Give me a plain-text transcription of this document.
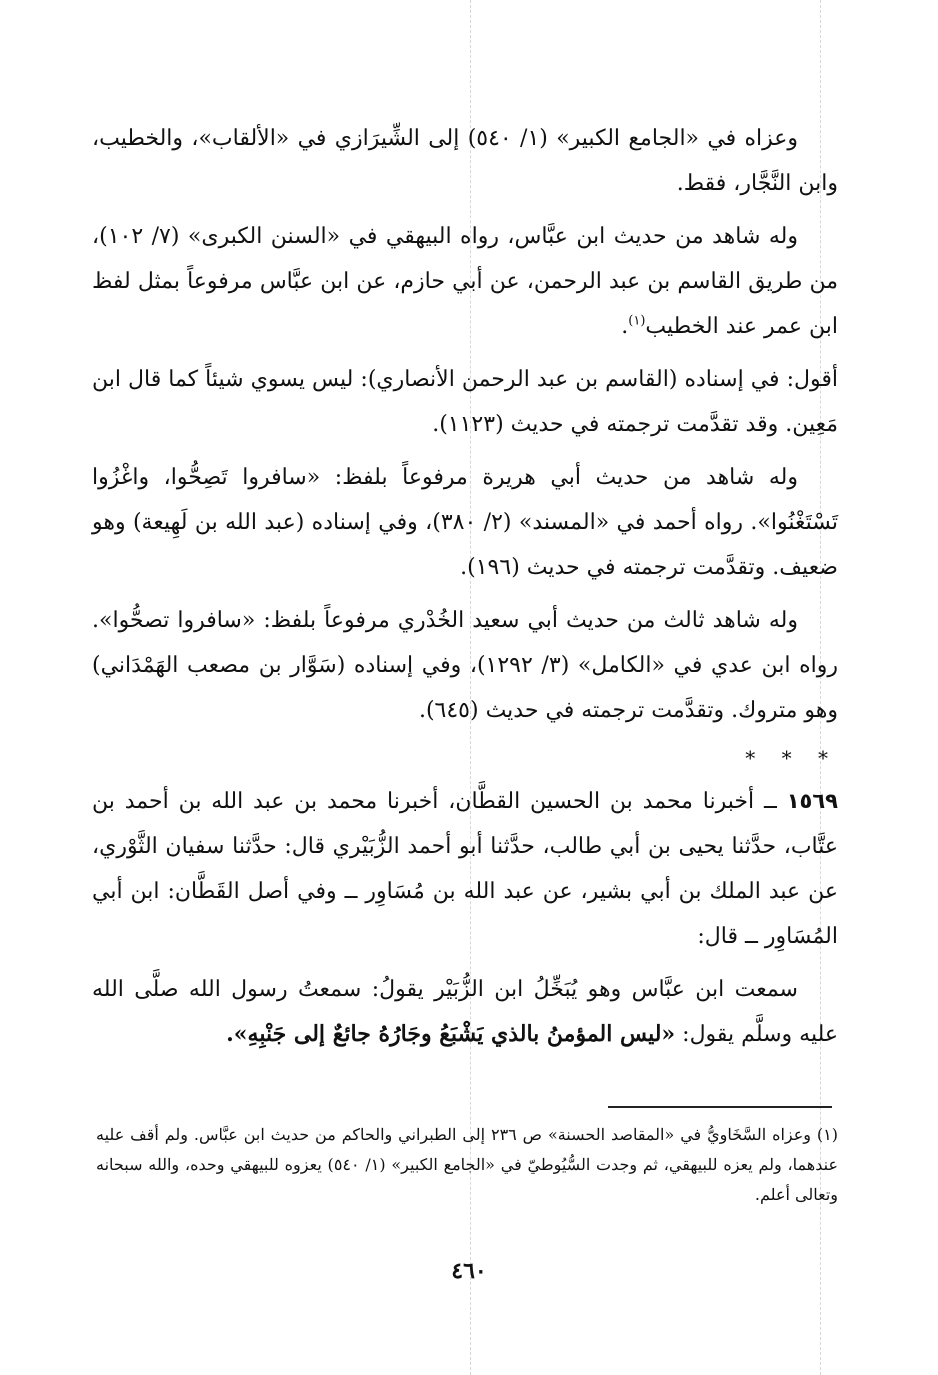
وعزاه في «الجامع الكبير» (١/ ٥٤٠) إلى الشِّيرَازي في «الألقاب»، والخطيب، وابن النَّجَّار، فقط.

وله شاهد من حديث ابن عبَّاس، رواه البيهقي في «السنن الكبرى» (٧/ ١٠٢)، من طريق القاسم بن عبد الرحمن، عن أبي حازم، عن ابن عبَّاس مرفوعاً بمثل لفظ ابن عمر عند الخطيب$^{(١)}$.

أقول: في إسناده (القاسم بن عبد الرحمن الأنصاري): ليس يسوي شيئاً كما قال ابن مَعِين. وقد تقدَّمت ترجمته في حديث (١١٢٣).

وله شاهد من حديث أبي هريرة مرفوعاً بلفظ: «سافروا تَصِحُّوا، واغْزُوا تَسْتَغْنُوا». رواه أحمد في «المسند» (٢/ ٣٨٠)، وفي إسناده (عبد الله بن لَهِيعة) وهو ضعيف. وتقدَّمت ترجمته في حديث (١٩٦).

وله شاهد ثالث من حديث أبي سعيد الخُدْري مرفوعاً بلفظ: «سافروا تصحُّوا». رواه ابن عدي في «الكامل» (٣/ ١٢٩٢)، وفي إسناده (سَوَّار بن مصعب الهَمْدَاني) وهو متروك. وتقدَّمت ترجمته في حديث (٦٤٥).

* * *

١٥٦٩ ــ أخبرنا محمد بن الحسين القطَّان، أخبرنا محمد بن عبد الله بن أحمد بن عتَّاب، حدَّثنا يحيى بن أبي طالب، حدَّثنا أبو أحمد الزُّبَيْري قال: حدَّثنا سفيان الثَّوْري، عن عبد الملك بن أبي بشير، عن عبد الله بن مُسَاوِر ــ وفي أصل القَطَّان: ابن أبي المُسَاوِر ــ قال:

سمعت ابن عبَّاس وهو يُبَخِّلُ ابن الزُّبَيْر يقولُ: سمعتُ رسول الله صلَّى الله عليه وسلَّم يقول: «ليس المؤمنُ بالذي يَشْبَعُ وجَارُهُ جائعٌ إلى جَنْبِهِ».

(١) وعزاه السَّخَاويُّ في «المقاصد الحسنة» ص ٢٣٦ إلى الطبراني والحاكم من حديث ابن عبَّاس. ولم أقف عليه عندهما، ولم يعزه للبيهقي، ثم وجدت السُّيُوطيّ في «الجامع الكبير» (١/ ٥٤٠) يعزوه للبيهقي وحده، والله سبحانه وتعالى أعلم.
٤٦٠
